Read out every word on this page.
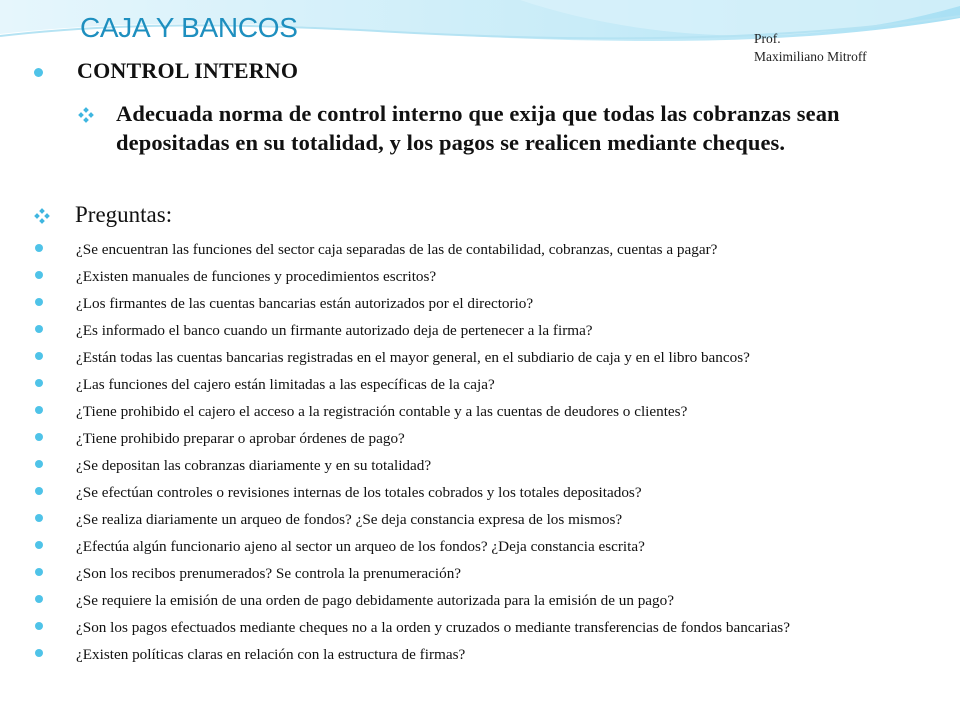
CAJA Y BANCOS	Prof.
Maximiliano Mitroff
CONTROL INTERNO
Adecuada norma de control interno que exija que todas las cobranzas sean depositadas en su totalidad, y los pagos se realicen mediante cheques.
Preguntas:
¿Se encuentran las funciones del sector caja separadas de las de contabilidad, cobranzas, cuentas a pagar?
¿Existen manuales de funciones y procedimientos escritos?
¿Los firmantes de las cuentas bancarias están autorizados por el directorio?
¿Es informado el banco cuando un firmante autorizado deja de pertenecer a la firma?
¿Están todas las cuentas bancarias registradas en el mayor general, en el subdiario de caja y en el libro bancos?
¿Las funciones del cajero están limitadas a las específicas de la caja?
¿Tiene prohibido el cajero el acceso a la registración contable y a las cuentas de deudores o clientes?
¿Tiene prohibido preparar o aprobar órdenes de pago?
¿Se depositan las cobranzas diariamente y en su totalidad?
¿Se efectúan controles o revisiones internas de los totales cobrados y los totales depositados?
¿Se realiza diariamente un arqueo de fondos? ¿Se deja constancia expresa de los mismos?
¿Efectúa algún funcionario ajeno al sector un arqueo de los fondos? ¿Deja constancia escrita?
¿Son los recibos prenumerados? Se controla la prenumeración?
¿Se requiere la emisión de una orden de pago debidamente autorizada para la emisión de un pago?
¿Son los pagos efectuados mediante cheques no a la orden y cruzados o mediante transferencias de fondos bancarias?
¿Existen políticas claras en relación con la estructura de firmas?
